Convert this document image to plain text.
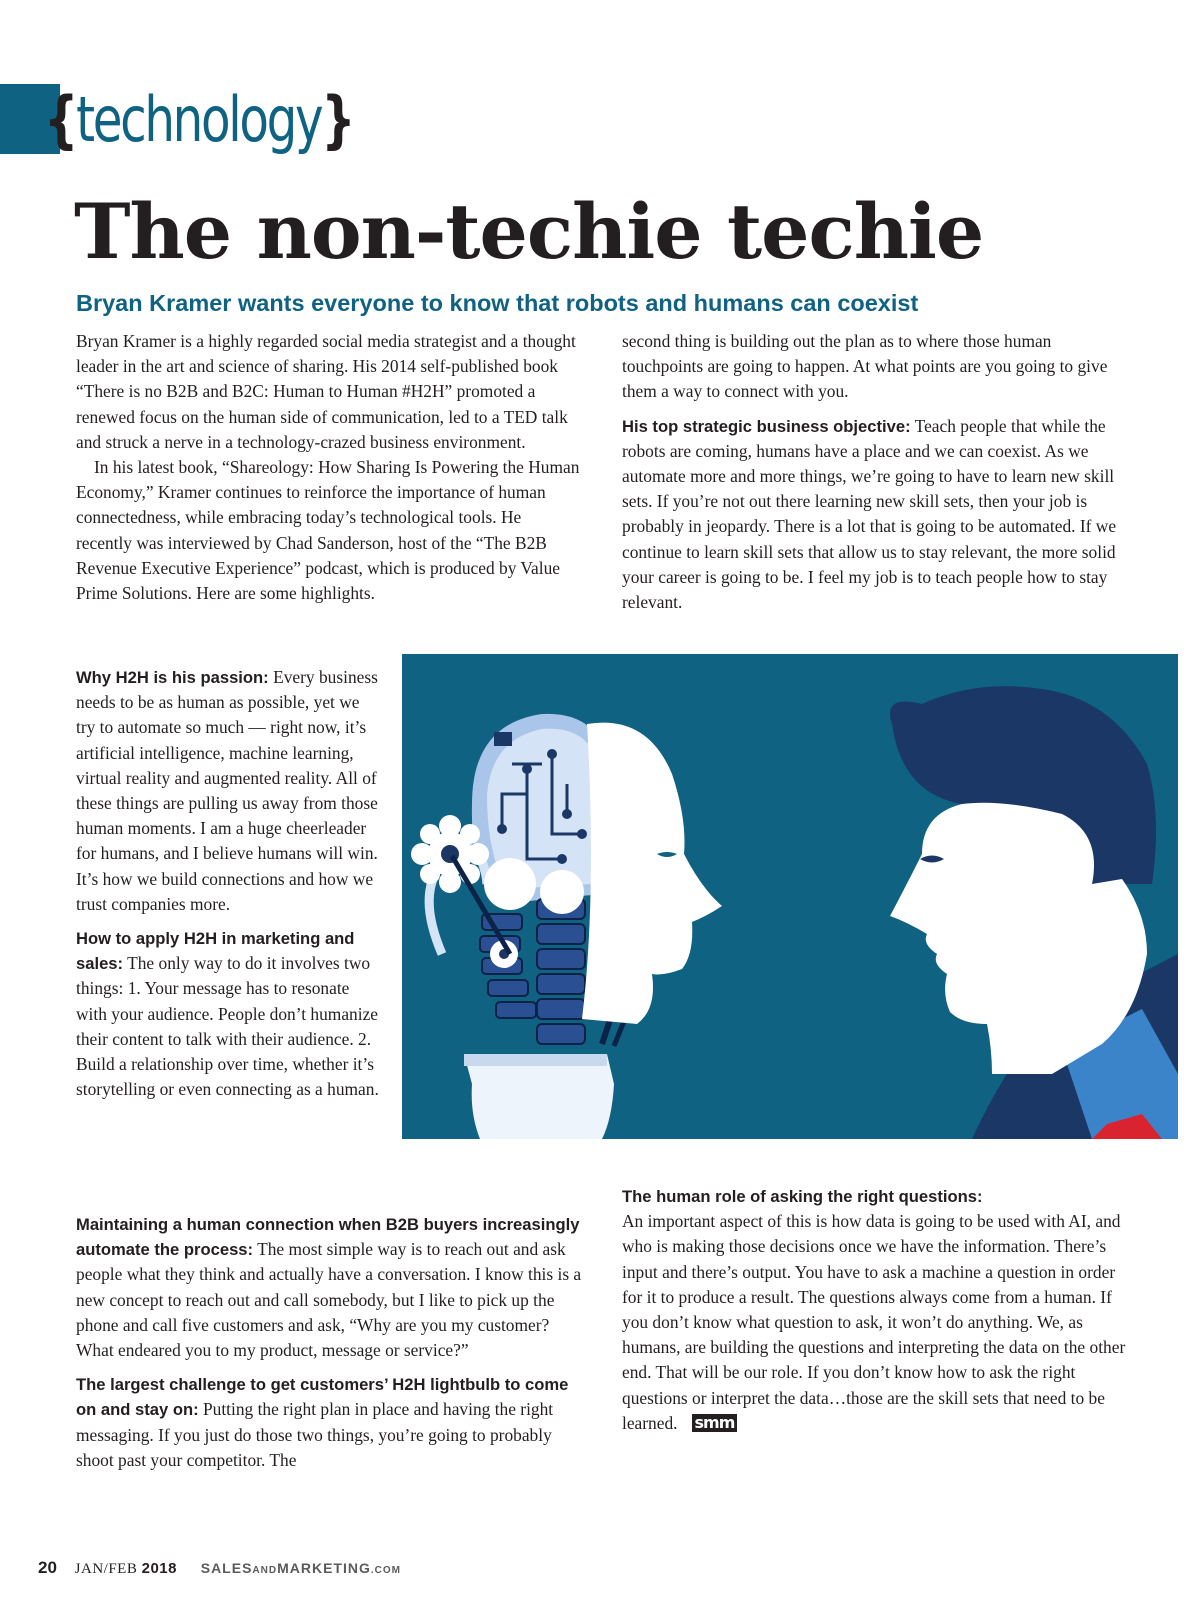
{technology}
The non-techie techie
Bryan Kramer wants everyone to know that robots and humans can coexist

Bryan Kramer is a highly regarded social media strategist and a thought leader in the art and science of sharing. His 2014 self-published book “There is no B2B and B2C: Human to Human #H2H” promoted a renewed focus on the human side of communication, led to a TED talk and struck a nerve in a technology-crazed business environment.

In his latest book, “Shareology: How Sharing Is Powering the Human Economy,” Kramer continues to reinforce the importance of human connectedness, while embracing today’s technological tools. He recently was interviewed by Chad Sanderson, host of the “The B2B Revenue Executive Experience” podcast, which is produced by Value Prime Solutions. Here are some highlights.

Why H2H is his passion: Every business needs to be as human as possible, yet we try to automate so much — right now, it’s artificial intelligence, machine learning, virtual reality and augmented reality. All of these things are pulling us away from those human moments. I am a huge cheerleader for humans, and I believe humans will win. It’s how we build connections and how we trust companies more.

How to apply H2H in marketing and sales: The only way to do it involves two things: 1. Your message has to resonate with your audience. People don’t humanize their content to talk with their audience. 2. Build a relationship over time, whether it’s storytelling or even connecting as a human.

Maintaining a human connection when B2B buyers increasingly automate the process: The most simple way is to reach out and ask people what they think and actually have a conversation. I know this is a new concept to reach out and call somebody, but I like to pick up the phone and call five customers and ask, “Why are you my customer? What endeared you to my product, message or service?”

The largest challenge to get customers’ H2H lightbulb to come on and stay on: Putting the right plan in place and having the right messaging. If you just do those two things, you’re going to probably shoot past your competitor. The

second thing is building out the plan as to where those human touchpoints are going to happen. At what points are you going to give them a way to connect with you.

His top strategic business objective: Teach people that while the robots are coming, humans have a place and we can coexist. As we automate more and more things, we’re going to have to learn new skill sets. If you’re not out there learning new skill sets, then your job is probably in jeopardy. There is a lot that is going to be automated. If we continue to learn skill sets that allow us to stay relevant, the more solid your career is going to be. I feel my job is to teach people how to stay relevant.

The human role of asking the right questions:
An important aspect of this is how data is going to be used with AI, and who is making those decisions once we have the information. There’s input and there’s output. You have to ask a machine a question in order for it to produce a result. The questions always come from a human. If you don’t know what question to ask, it won’t do anything. We, as humans, are building the questions and interpreting the data on the other end. That will be our role. If you don’t know how to ask the right questions or interpret the data…those are the skill sets that need to be learned. smm

20 JAN/FEB 2018 SALESANDMARKETING.COM
